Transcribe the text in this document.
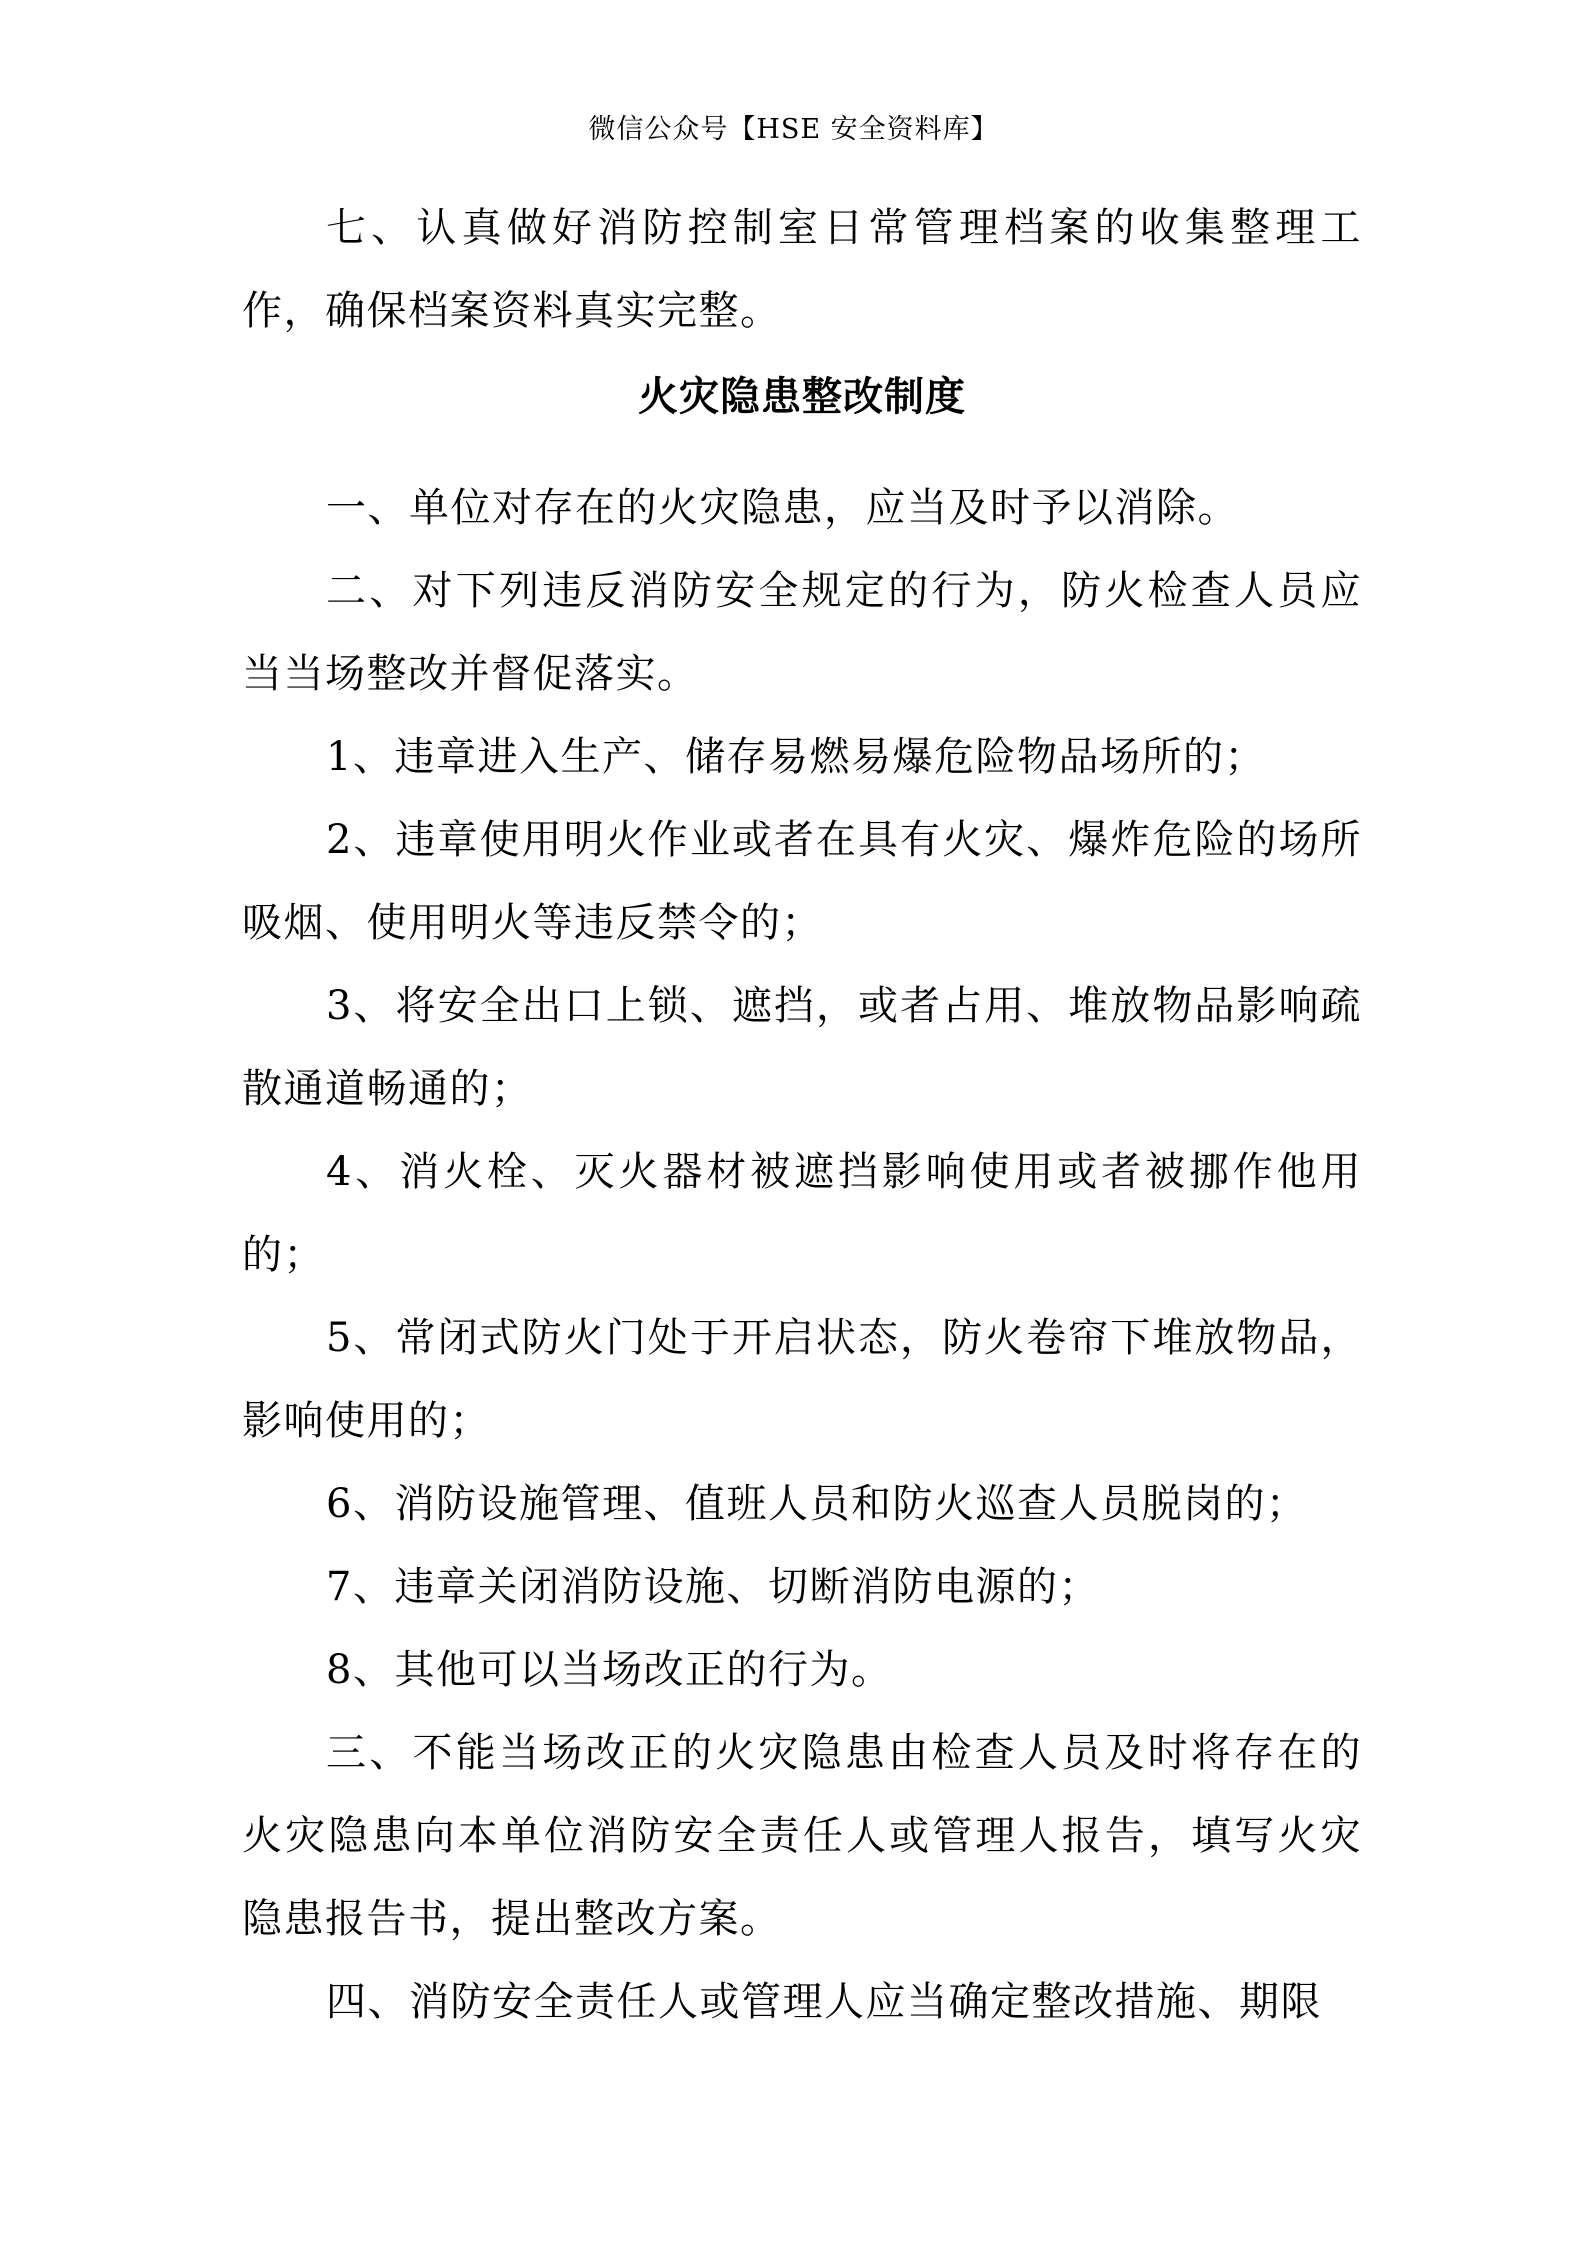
微信公众号【HSE 安全资料库】

七、认真做好消防控制室日常管理档案的收集整理工作，确保档案资料真实完整。

火灾隐患整改制度

一、单位对存在的火灾隐患，应当及时予以消除。

二、对下列违反消防安全规定的行为，防火检查人员应当当场整改并督促落实。

1、违章进入生产、储存易燃易爆危险物品场所的；

2、违章使用明火作业或者在具有火灾、爆炸危险的场所吸烟、使用明火等违反禁令的；

3、将安全出口上锁、遮挡，或者占用、堆放物品影响疏散通道畅通的；

4、消火栓、灭火器材被遮挡影响使用或者被挪作他用的；

5、常闭式防火门处于开启状态，防火卷帘下堆放物品，影响使用的；

6、消防设施管理、值班人员和防火巡查人员脱岗的；

7、违章关闭消防设施、切断消防电源的；

8、其他可以当场改正的行为。

三、不能当场改正的火灾隐患由检查人员及时将存在的火灾隐患向本单位消防安全责任人或管理人报告，填写火灾隐患报告书，提出整改方案。

四、消防安全责任人或管理人应当确定整改措施、期限
